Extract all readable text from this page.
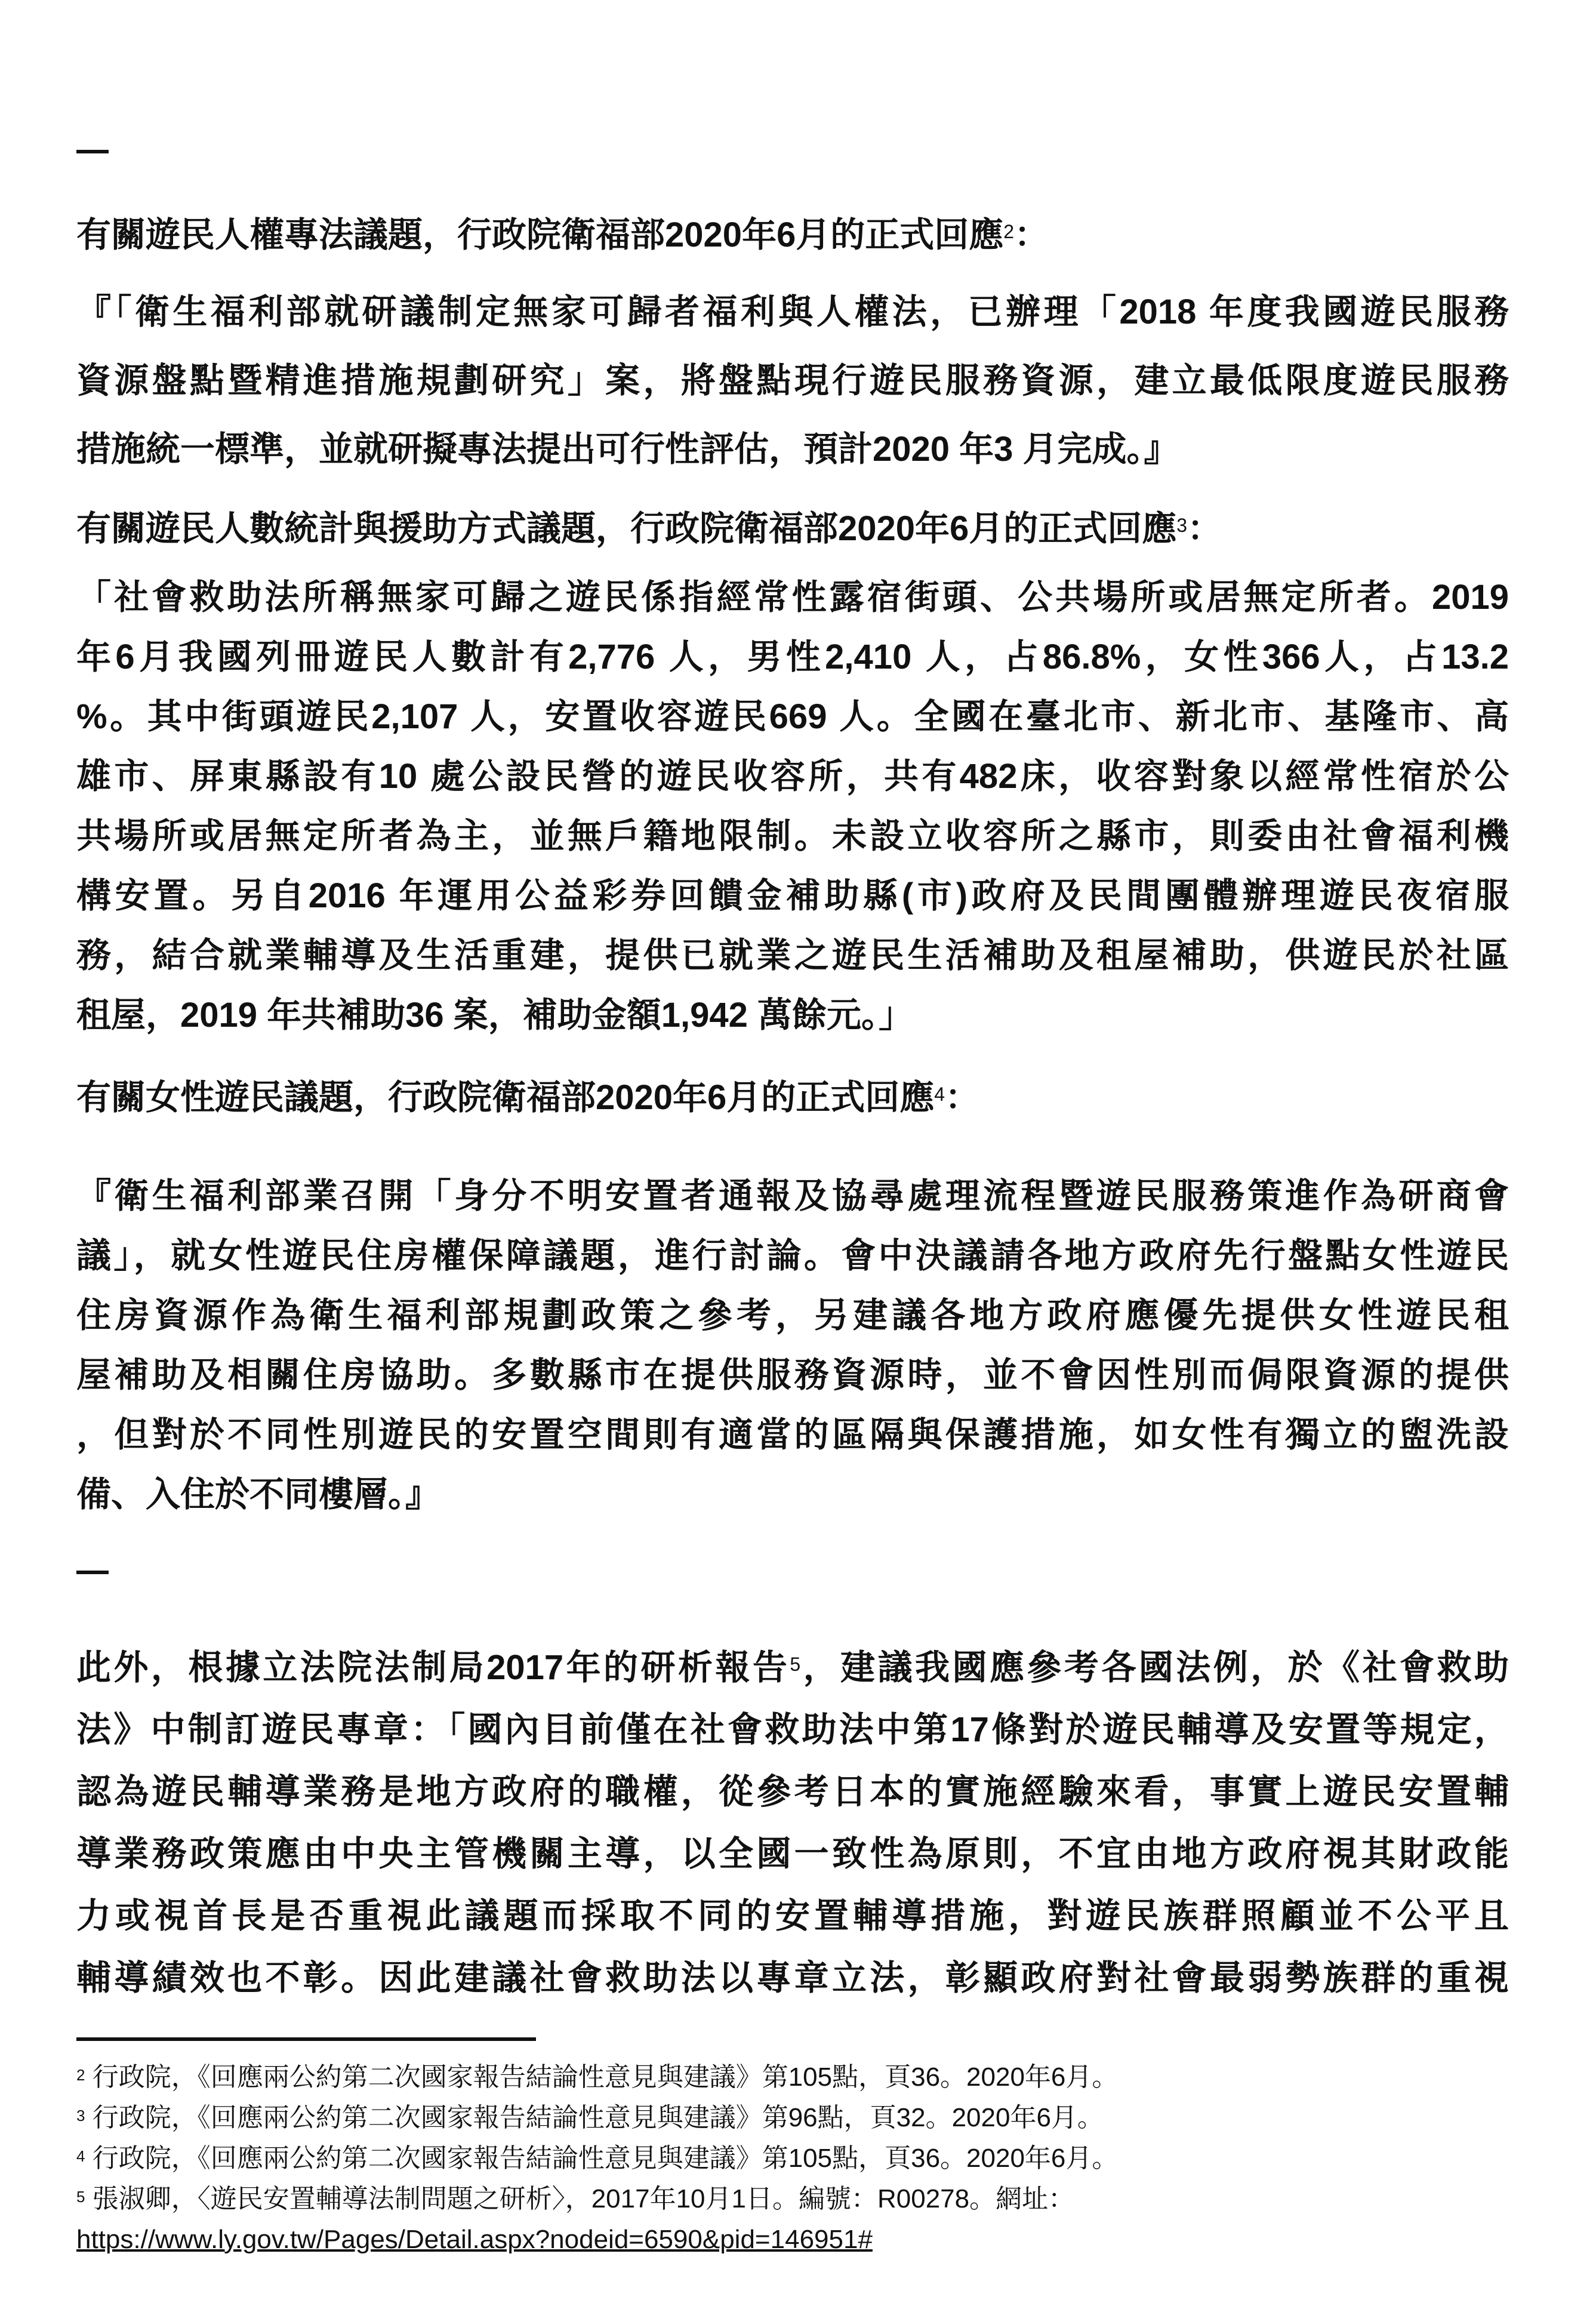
有關遊民人權專法議題，行政院衛福部2020年6月的正式回應$^2$：
『「衛生福利部就研議制定無家可歸者福利與人權法，已辦理「2018 年度我國遊民服務
資源盤點暨精進措施規劃研究」案，將盤點現行遊民服務資源，建立最低限度遊民服務
措施統一標準，並就研擬專法提出可行性評估，預計2020 年3 月完成。』
有關遊民人數統計與援助方式議題，行政院衛福部2020年6月的正式回應$^3$：
「社會救助法所稱無家可歸之遊民係指經常性露宿街頭、公共場所或居無定所者。2019
年6月我國列冊遊民人數計有2,776 人，男性2,410 人，占86.8%，女性366人，占13.2
%。其中街頭遊民2,107 人，安置收容遊民669 人。全國在臺北市、新北市、基隆市、高
雄市、屏東縣設有10 處公設民營的遊民收容所，共有482床，收容對象以經常性宿於公
共場所或居無定所者為主，並無戶籍地限制。未設立收容所之縣市，則委由社會福利機
構安置。另自2016 年運用公益彩券回饋金補助縣(市)政府及民間團體辦理遊民夜宿服
務，結合就業輔導及生活重建，提供已就業之遊民生活補助及租屋補助，供遊民於社區
租屋，2019 年共補助36 案，補助金額1,942 萬餘元。」
有關女性遊民議題，行政院衛福部2020年6月的正式回應$^4$：
『衛生福利部業召開「身分不明安置者通報及協尋處理流程暨遊民服務策進作為研商會
議」，就女性遊民住房權保障議題，進行討論。會中決議請各地方政府先行盤點女性遊民
住房資源作為衛生福利部規劃政策之參考，另建議各地方政府應優先提供女性遊民租
屋補助及相關住房協助。多數縣市在提供服務資源時，並不會因性別而侷限資源的提供
，但對於不同性別遊民的安置空間則有適當的區隔與保護措施，如女性有獨立的盥洗設
備、入住於不同樓層。』
此外，根據立法院法制局2017年的研析報告$^5$，建議我國應參考各國法例，於《社會救助
法》中制訂遊民專章：「國內目前僅在社會救助法中第17條對於遊民輔導及安置等規定，
認為遊民輔導業務是地方政府的職權，從參考日本的實施經驗來看，事實上遊民安置輔
導業務政策應由中央主管機關主導，以全國一致性為原則，不宜由地方政府視其財政能
力或視首長是否重視此議題而採取不同的安置輔導措施，對遊民族群照顧並不公平且
輔導績效也不彰。因此建議社會救助法以專章立法，彰顯政府對社會最弱勢族群的重視
$^2$ 行政院，《回應兩公約第二次國家報告結論性意見與建議》第105點，頁36。2020年6月。
$^3$ 行政院，《回應兩公約第二次國家報告結論性意見與建議》第96點，頁32。2020年6月。
$^4$ 行政院，《回應兩公約第二次國家報告結論性意見與建議》第105點，頁36。2020年6月。
$^5$ 張淑卿，〈遊民安置輔導法制問題之研析〉，2017年10月1日。編號：R00278。網址：
https://www.ly.gov.tw/Pages/Detail.aspx?nodeid=6590&pid=146951#
